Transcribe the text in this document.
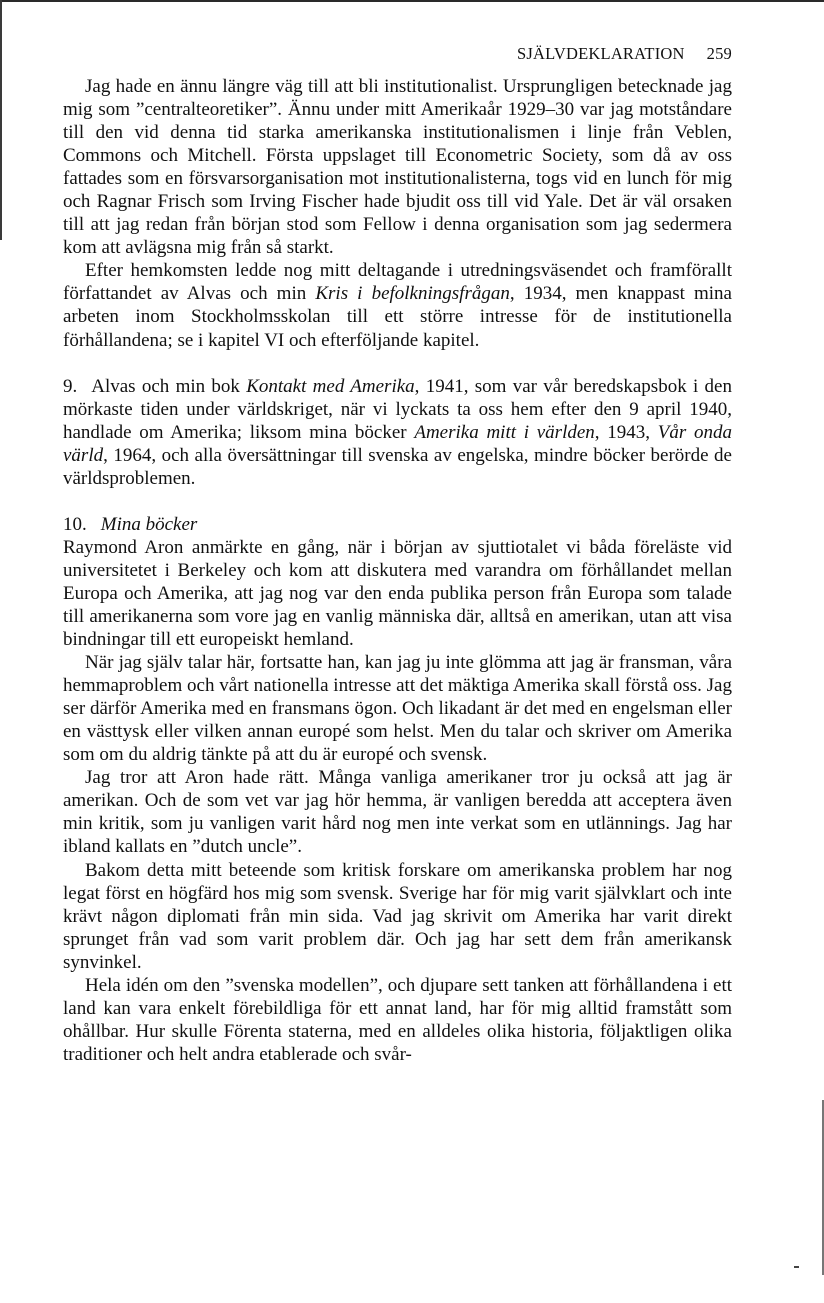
SJÄLVDEKLARATION 259

Jag hade en ännu längre väg till att bli institutionalist. Ursprungligen betecknade jag mig som ”centralteoretiker”. Ännu under mitt Amerikaår 1929–30 var jag motståndare till den vid denna tid starka amerikanska institutionalismen i linje från Veblen, Commons och Mitchell. Första uppslaget till Econometric Society, som då av oss fattades som en försvarsorganisation mot institutionalisterna, togs vid en lunch för mig och Ragnar Frisch som Irving Fischer hade bjudit oss till vid Yale. Det är väl orsaken till att jag redan från början stod som Fellow i denna organisation som jag sedermera kom att avlägsna mig från så starkt.

Efter hemkomsten ledde nog mitt deltagande i utredningsväsendet och framförallt författandet av Alvas och min Kris i befolkningsfrågan, 1934, men knappast mina arbeten inom Stockholmsskolan till ett större intresse för de institutionella förhållandena; se i kapitel VI och efterföljande kapitel.

9. Alvas och min bok Kontakt med Amerika, 1941, som var vår beredskapsbok i den mörkaste tiden under världskriget, när vi lyckats ta oss hem efter den 9 april 1940, handlade om Amerika; liksom mina böcker Amerika mitt i världen, 1943, Vår onda värld, 1964, och alla översättningar till svenska av engelska, mindre böcker berörde de världsproblemen.

10. Mina böcker

Raymond Aron anmärkte en gång, när i början av sjuttiotalet vi båda föreläste vid universitetet i Berkeley och kom att diskutera med varandra om förhållandet mellan Europa och Amerika, att jag nog var den enda publika person från Europa som talade till amerikanerna som vore jag en vanlig människa där, alltså en amerikan, utan att visa bindningar till ett europeiskt hemland.

När jag själv talar här, fortsatte han, kan jag ju inte glömma att jag är fransman, våra hemmaproblem och vårt nationella intresse att det mäktiga Amerika skall förstå oss. Jag ser därför Amerika med en fransmans ögon. Och likadant är det med en engelsman eller en västtysk eller vilken annan europé som helst. Men du talar och skriver om Amerika som om du aldrig tänkte på att du är europé och svensk.

Jag tror att Aron hade rätt. Många vanliga amerikaner tror ju också att jag är amerikan. Och de som vet var jag hör hemma, är vanligen beredda att acceptera även min kritik, som ju vanligen varit hård nog men inte verkat som en utlännings. Jag har ibland kallats en ”dutch uncle”.

Bakom detta mitt beteende som kritisk forskare om amerikanska problem har nog legat först en högfärd hos mig som svensk. Sverige har för mig varit självklart och inte krävt någon diplomati från min sida. Vad jag skrivit om Amerika har varit direkt sprunget från vad som varit problem där. Och jag har sett dem från amerikansk synvinkel.

Hela idén om den ”svenska modellen”, och djupare sett tanken att förhållandena i ett land kan vara enkelt förebildliga för ett annat land, har för mig alltid framstått som ohållbar. Hur skulle Förenta staterna, med en alldeles olika historia, följaktligen olika traditioner och helt andra etablerade och svår-
